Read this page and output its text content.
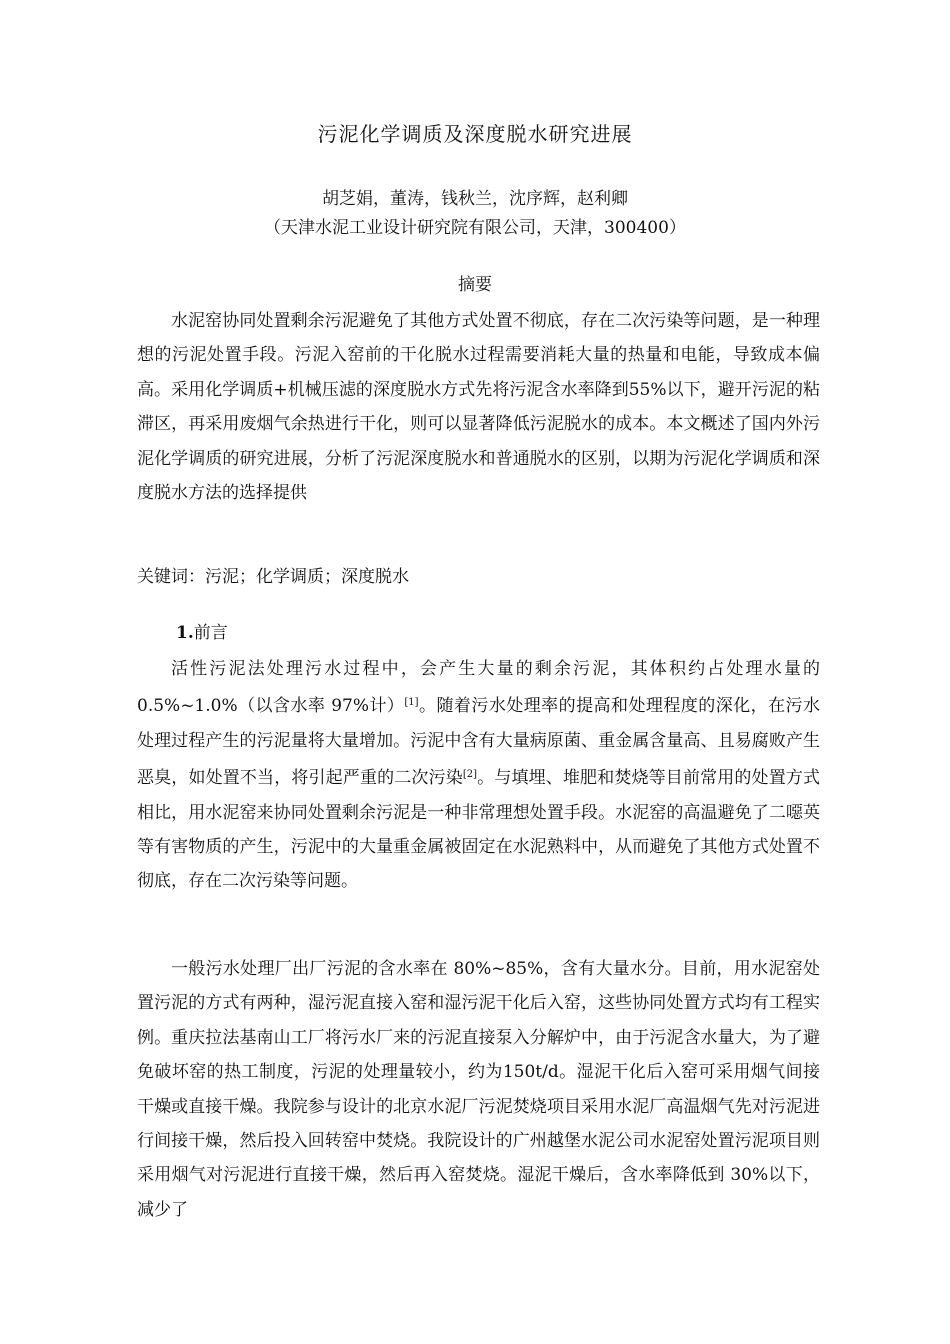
污泥化学调质及深度脱水研究进展
胡芝娟，董涛，钱秋兰，沈序辉，赵利卿
（天津水泥工业设计研究院有限公司，天津，300400）
摘要

水泥窑协同处置剩余污泥避免了其他方式处置不彻底，存在二次污染等问题，是一种理想的污泥处置手段。污泥入窑前的干化脱水过程需要消耗大量的热量和电能，导致成本偏高。采用化学调质+机械压滤的深度脱水方式先将污泥含水率降到55%以下，避开污泥的粘滞区，再采用废烟气余热进行干化，则可以显著降低污泥脱水的成本。本文概述了国内外污泥化学调质的研究进展，分析了污泥深度脱水和普通脱水的区别，以期为污泥化学调质和深度脱水方法的选择提供

关键词：污泥；化学调质；深度脱水
1.前言

活性污泥法处理污水过程中，会产生大量的剩余污泥，其体积约占处理水量的 0.5%~1.0%（以含水率 97%计）[1]。随着污水处理率的提高和处理程度的深化，在污水处理过程产生的污泥量将大量增加。污泥中含有大量病原菌、重金属含量高、且易腐败产生恶臭，如处置不当，将引起严重的二次污染[2]。与填埋、堆肥和焚烧等目前常用的处置方式相比，用水泥窑来协同处置剩余污泥是一种非常理想处置手段。水泥窑的高温避免了二噁英等有害物质的产生，污泥中的大量重金属被固定在水泥熟料中，从而避免了其他方式处置不彻底，存在二次污染等问题。

一般污水处理厂出厂污泥的含水率在 80%~85%，含有大量水分。目前，用水泥窑处置污泥的方式有两种，湿污泥直接入窑和湿污泥干化后入窑，这些协同处置方式均有工程实例。重庆拉法基南山工厂将污水厂来的污泥直接泵入分解炉中，由于污泥含水量大，为了避免破坏窑的热工制度，污泥的处理量较小，约为150t/d。湿泥干化后入窑可采用烟气间接干燥或直接干燥。我院参与设计的北京水泥厂污泥焚烧项目采用水泥厂高温烟气先对污泥进行间接干燥，然后投入回转窑中焚烧。我院设计的广州越堡水泥公司水泥窑处置污泥项目则采用烟气对污泥进行直接干燥，然后再入窑焚烧。湿泥干燥后，含水率降低到 30%以下，减少了
